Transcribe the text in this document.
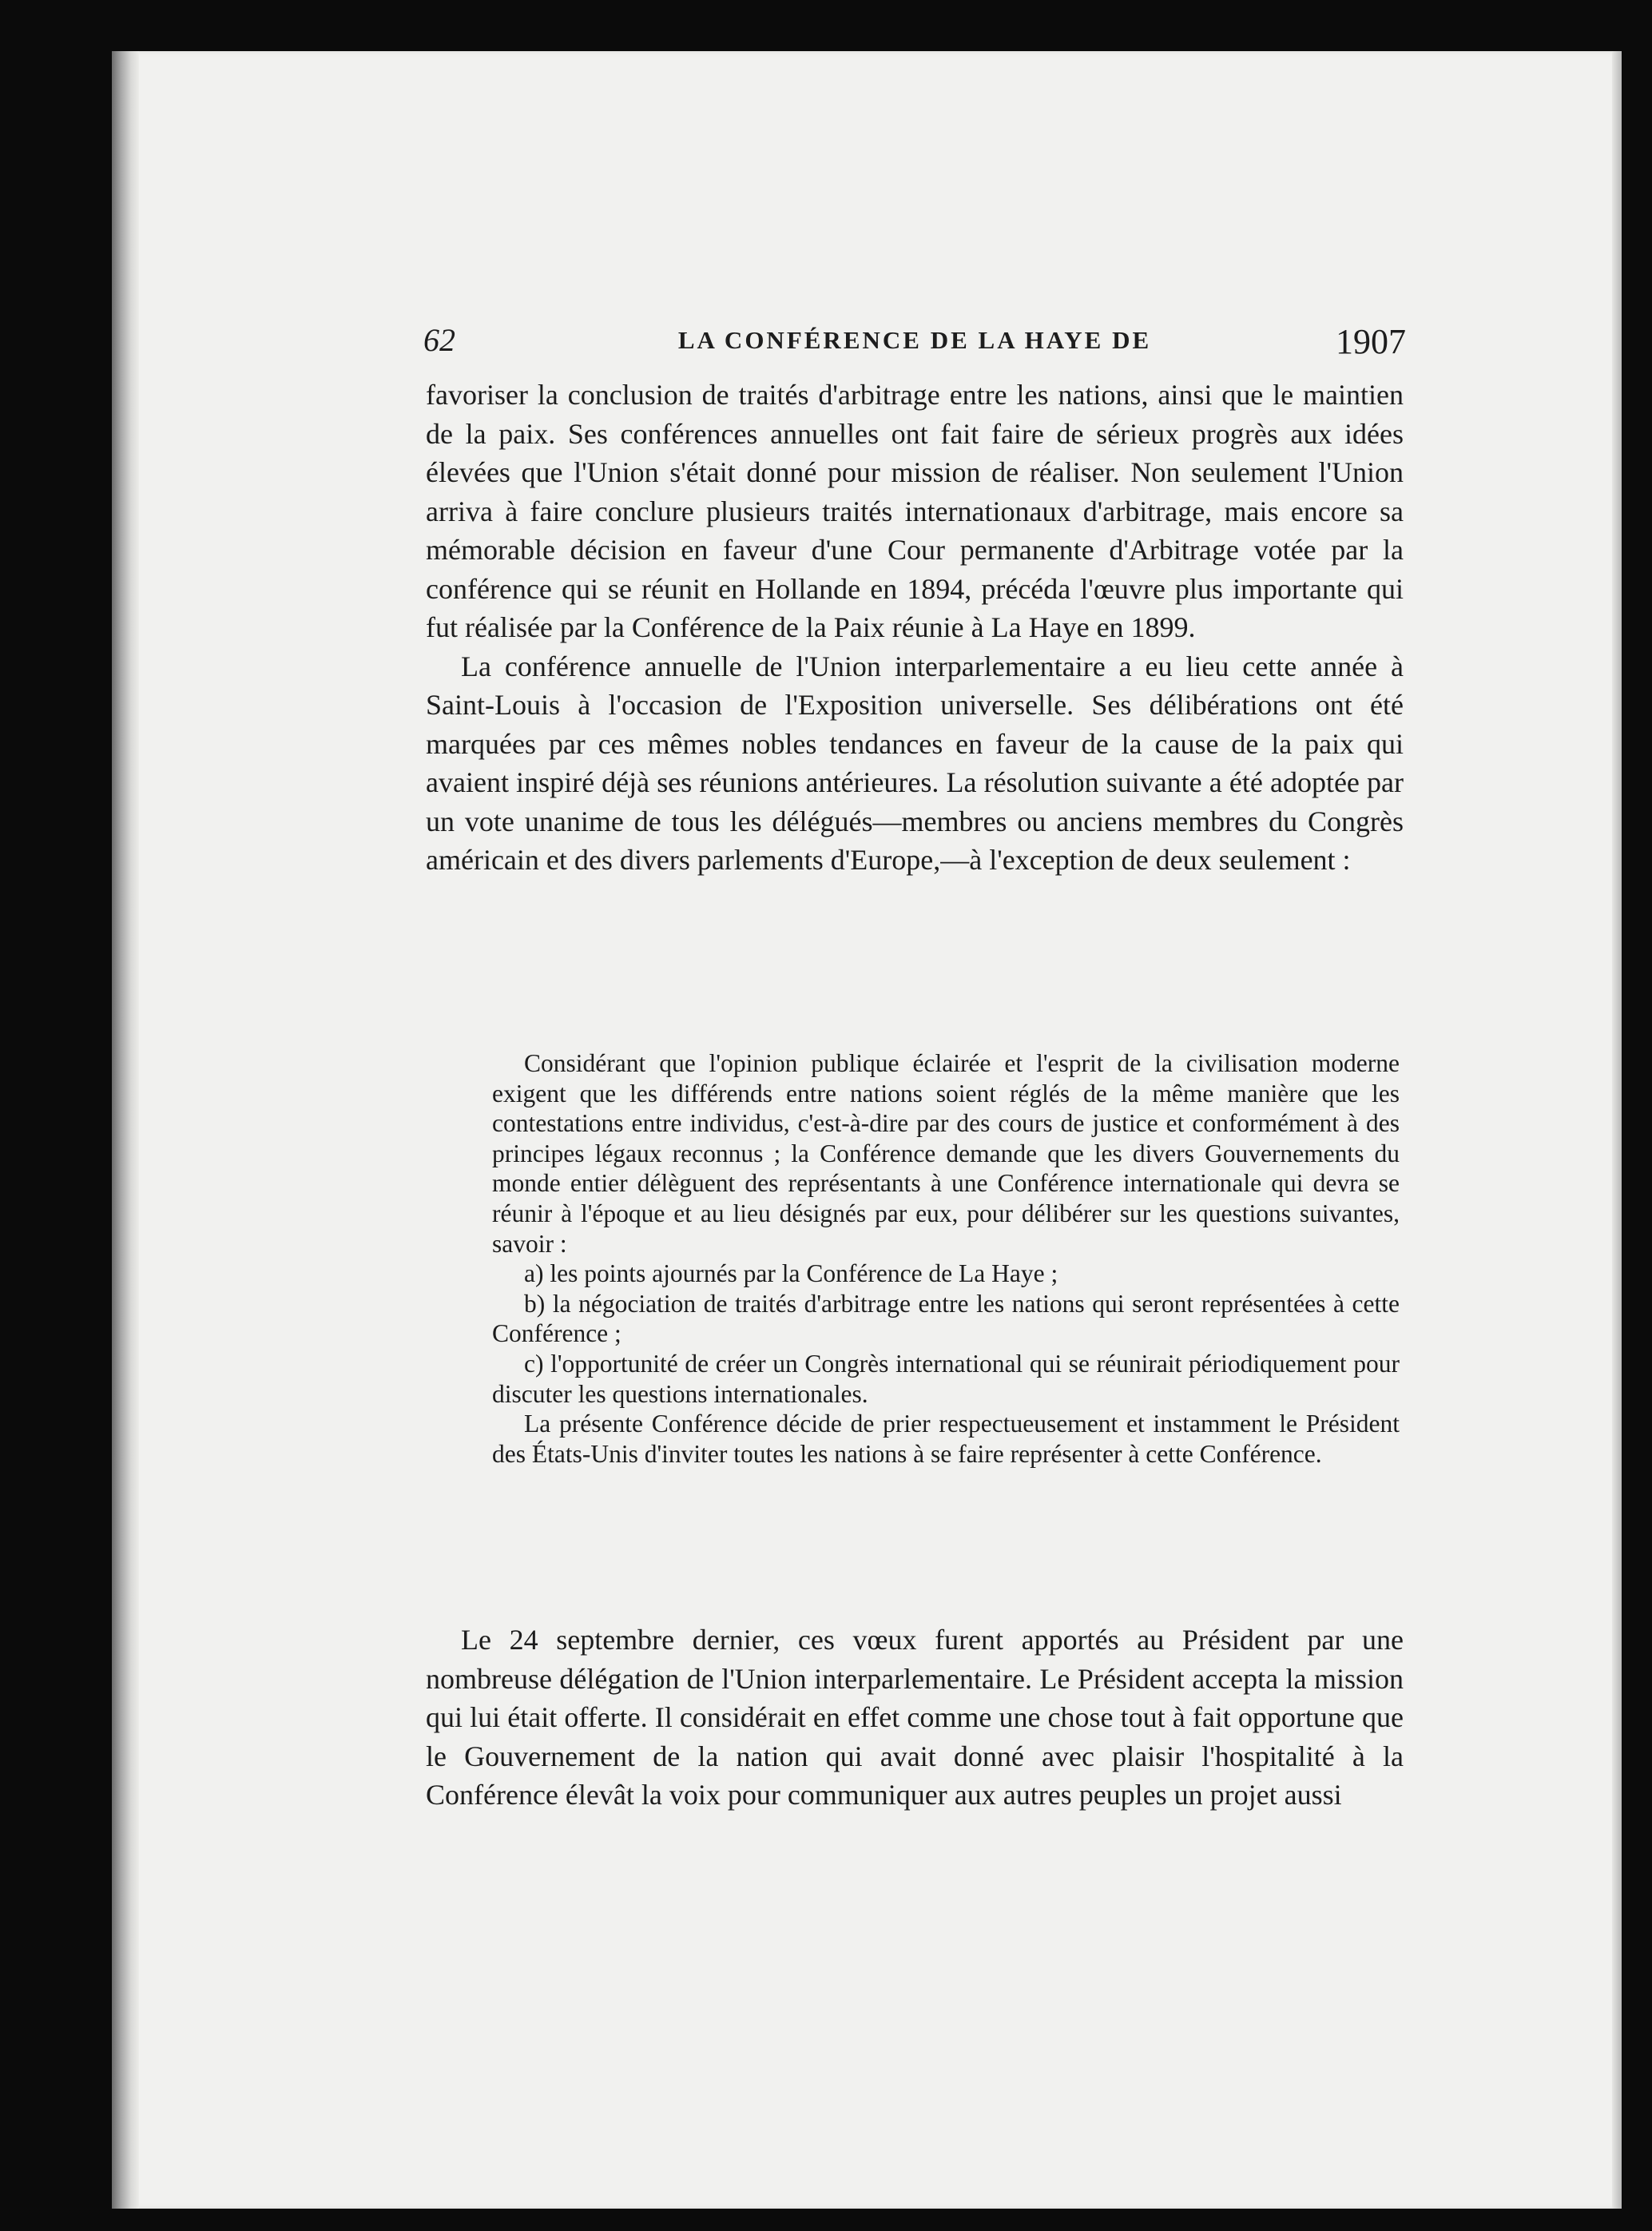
62	LA CONFÉRENCE DE LA HAYE DE	1907

favoriser la conclusion de traités d'arbitrage entre les nations, ainsi que le maintien de la paix. Ses conférences annuelles ont fait faire de sérieux progrès aux idées élevées que l'Union s'était donné pour mission de réaliser. Non seulement l'Union arriva à faire conclure plusieurs traités internationaux d'arbitrage, mais encore sa mémorable décision en faveur d'une Cour permanente d'Arbitrage votée par la conférence qui se réunit en Hollande en 1894, précéda l'œuvre plus importante qui fut réalisée par la Conférence de la Paix réunie à La Haye en 1899.

La conférence annuelle de l'Union interparlementaire a eu lieu cette année à Saint-Louis à l'occasion de l'Exposition universelle. Ses délibérations ont été marquées par ces mêmes nobles tendances en faveur de la cause de la paix qui avaient inspiré déjà ses réunions antérieures. La résolution suivante a été adoptée par un vote unanime de tous les délégués—membres ou anciens membres du Congrès américain et des divers parlements d'Europe,—à l'exception de deux seulement :

Considérant que l'opinion publique éclairée et l'esprit de la civilisation moderne exigent que les différends entre nations soient réglés de la même manière que les contestations entre individus, c'est-à-dire par des cours de justice et conformément à des principes légaux reconnus ; la Conférence demande que les divers Gouvernements du monde entier délèguent des représentants à une Conférence internationale qui devra se réunir à l'époque et au lieu désignés par eux, pour délibérer sur les questions suivantes, savoir :

a) les points ajournés par la Conférence de La Haye ;

b) la négociation de traités d'arbitrage entre les nations qui seront représentées à cette Conférence ;

c) l'opportunité de créer un Congrès international qui se réunirait périodiquement pour discuter les questions internationales.

La présente Conférence décide de prier respectueusement et instamment le Président des États-Unis d'inviter toutes les nations à se faire représenter à cette Conférence.

Le 24 septembre dernier, ces vœux furent apportés au Président par une nombreuse délégation de l'Union interparlementaire. Le Président accepta la mission qui lui était offerte. Il considérait en effet comme une chose tout à fait opportune que le Gouvernement de la nation qui avait donné avec plaisir l'hospitalité à la Conférence élevât la voix pour communiquer aux autres peuples un projet aussi
